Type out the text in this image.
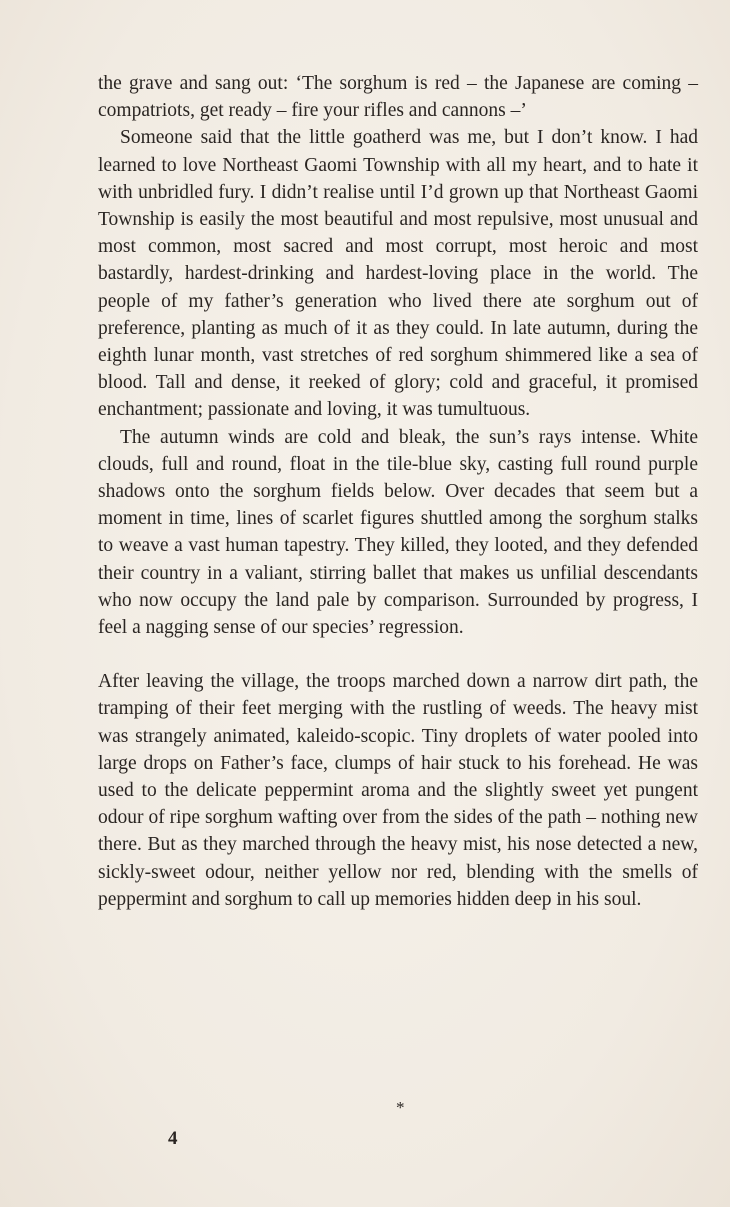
the grave and sang out: ‘The sorghum is red – the Japanese are coming – compatriots, get ready – fire your rifles and cannons –’

Someone said that the little goatherd was me, but I don’t know. I had learned to love Northeast Gaomi Township with all my heart, and to hate it with unbridled fury. I didn’t realise until I’d grown up that Northeast Gaomi Township is easily the most beautiful and most repulsive, most unusual and most common, most sacred and most corrupt, most heroic and most bastardly, hardest-drinking and hardest-loving place in the world. The people of my father’s generation who lived there ate sorghum out of preference, planting as much of it as they could. In late autumn, during the eighth lunar month, vast stretches of red sorghum shimmered like a sea of blood. Tall and dense, it reeked of glory; cold and graceful, it promised enchantment; passionate and loving, it was tumultuous.

The autumn winds are cold and bleak, the sun’s rays intense. White clouds, full and round, float in the tile-blue sky, casting full round purple shadows onto the sorghum fields below. Over decades that seem but a moment in time, lines of scarlet figures shuttled among the sorghum stalks to weave a vast human tapestry. They killed, they looted, and they defended their country in a valiant, stirring ballet that makes us unfilial descendants who now occupy the land pale by comparison. Surrounded by progress, I feel a nagging sense of our species’ regression.

After leaving the village, the troops marched down a narrow dirt path, the tramping of their feet merging with the rustling of weeds. The heavy mist was strangely animated, kaleido-scopic. Tiny droplets of water pooled into large drops on Father’s face, clumps of hair stuck to his forehead. He was used to the delicate peppermint aroma and the slightly sweet yet pungent odour of ripe sorghum wafting over from the sides of the path – nothing new there. But as they marched through the heavy mist, his nose detected a new, sickly-sweet odour, neither yellow nor red, blending with the smells of peppermint and sorghum to call up memories hidden deep in his soul.

*
4
